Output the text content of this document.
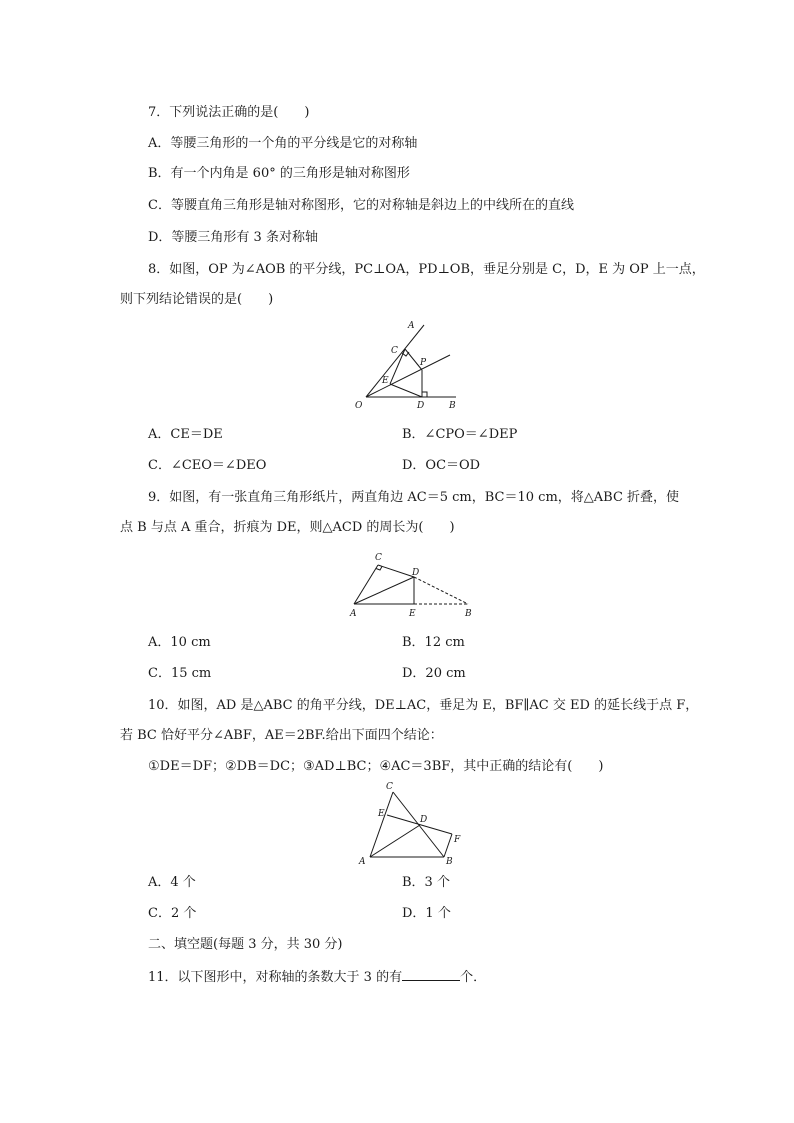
7．下列说法正确的是(　　)
A．等腰三角形的一个角的平分线是它的对称轴
B．有一个内角是 60° 的三角形是轴对称图形
C．等腰直角三角形是轴对称图形，它的对称轴是斜边上的中线所在的直线
D．等腰三角形有 3 条对称轴
8．如图，OP 为∠AOB 的平分线，PC⊥OA，PD⊥OB，垂足分别是 C，D，E 为 OP 上一点，
则下列结论错误的是(　　)
A
C
P
E
O	D	B
A．CE＝DE	B．∠CPO＝∠DEP
C．∠CEO＝∠DEO	D．OC＝OD
9．如图，有一张直角三角形纸片，两直角边 AC＝5 cm，BC＝10 cm，将△ABC 折叠，使
点 B 与点 A 重合，折痕为 DE，则△ACD 的周长为(　　)
C
D
A	E	B
A．10 cm	B．12 cm
C．15 cm	D．20 cm
10．如图，AD 是△ABC 的角平分线，DE⊥AC，垂足为 E，BF∥AC 交 ED 的延长线于点 F，
若 BC 恰好平分∠ABF，AE＝2BF.给出下面四个结论：
①DE＝DF；②DB＝DC；③AD⊥BC；④AC＝3BF，其中正确的结论有(　　)
C
E
D
F
A	B
A．4 个	B．3 个
C．2 个	D．1 个
二、填空题(每题 3 分，共 30 分)
11．以下图形中，对称轴的条数大于 3 的有	个．
